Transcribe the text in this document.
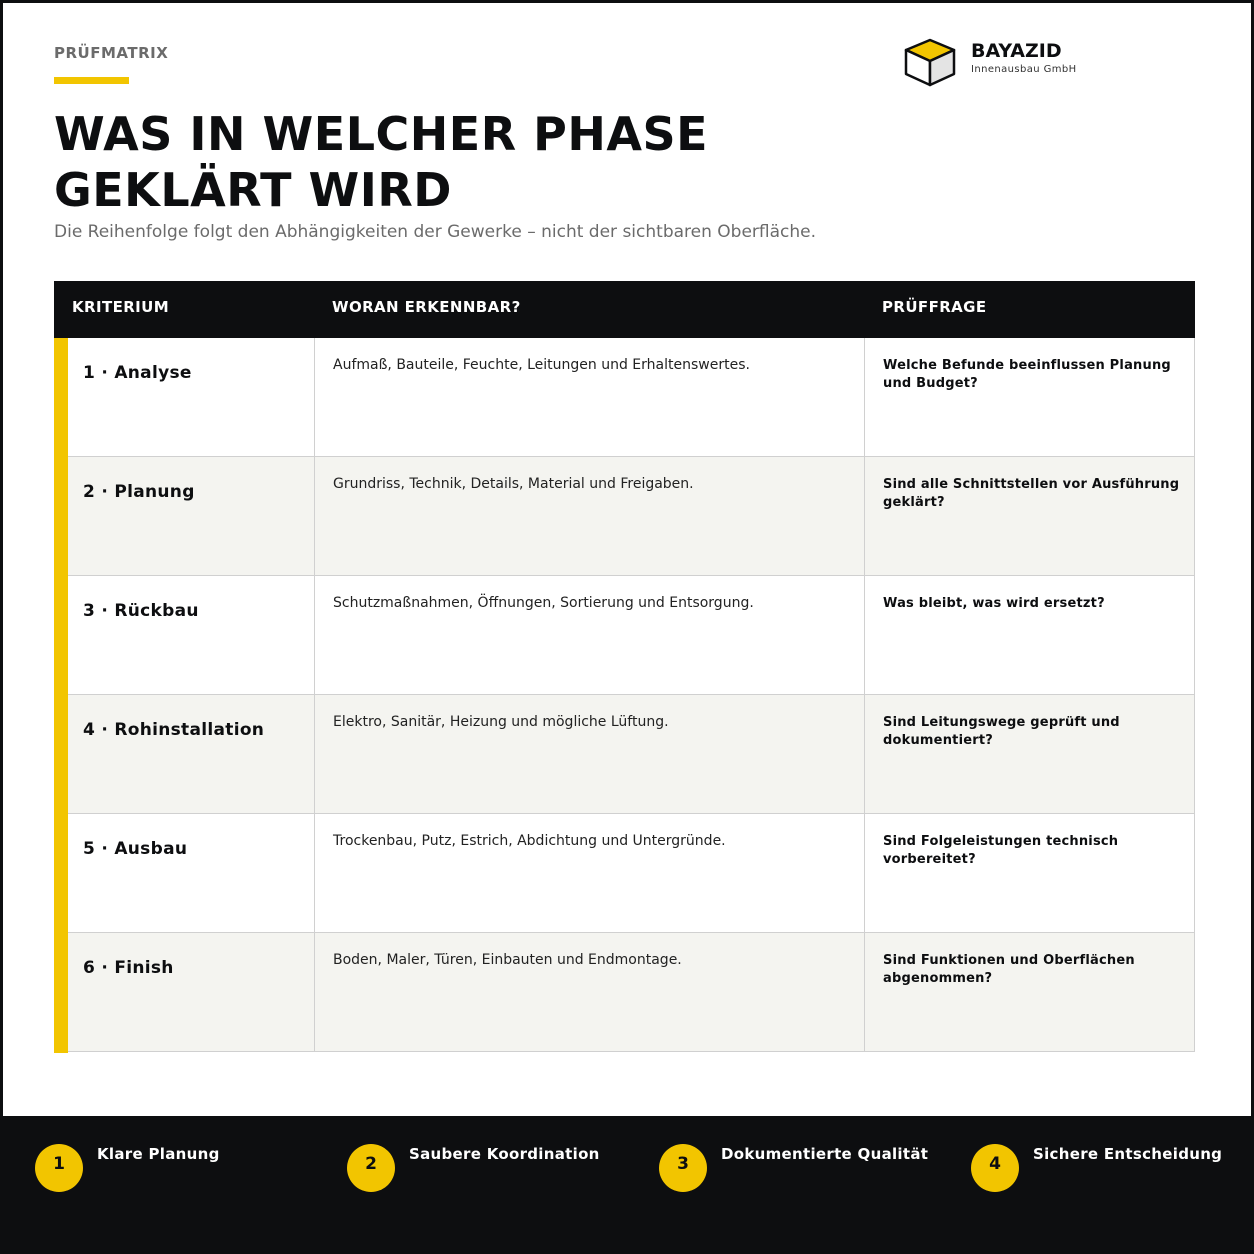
PRÜFMATRIX
WAS IN WELCHER PHASE
GEKLÄRT WIRD
Die Reihenfolge folgt den Abhängigkeiten der Gewerke – nicht der sichtbaren Oberfläche.
BAYAZID
Innenausbau GmbH
KRITERIUM	WORAN ERKENNBAR?	PRÜFFRAGE
1 · Analyse	Aufmaß, Bauteile, Feuchte, Leitungen und Erhaltenswertes.	Welche Befunde beeinflussen Planung und Budget?
2 · Planung	Grundriss, Technik, Details, Material und Freigaben.	Sind alle Schnittstellen vor Ausführung geklärt?
3 · Rückbau	Schutzmaßnahmen, Öffnungen, Sortierung und Entsorgung.	Was bleibt, was wird ersetzt?
4 · Rohinstallation	Elektro, Sanitär, Heizung und mögliche Lüftung.	Sind Leitungswege geprüft und dokumentiert?
5 · Ausbau	Trockenbau, Putz, Estrich, Abdichtung und Untergründe.	Sind Folgeleistungen technisch vorbereitet?
6 · Finish	Boden, Maler, Türen, Einbauten und Endmontage.	Sind Funktionen und Oberflächen abgenommen?
1	Klare Planung	2	Saubere Koordination	3	Dokumentierte Qualität	4	Sichere Entscheidung
